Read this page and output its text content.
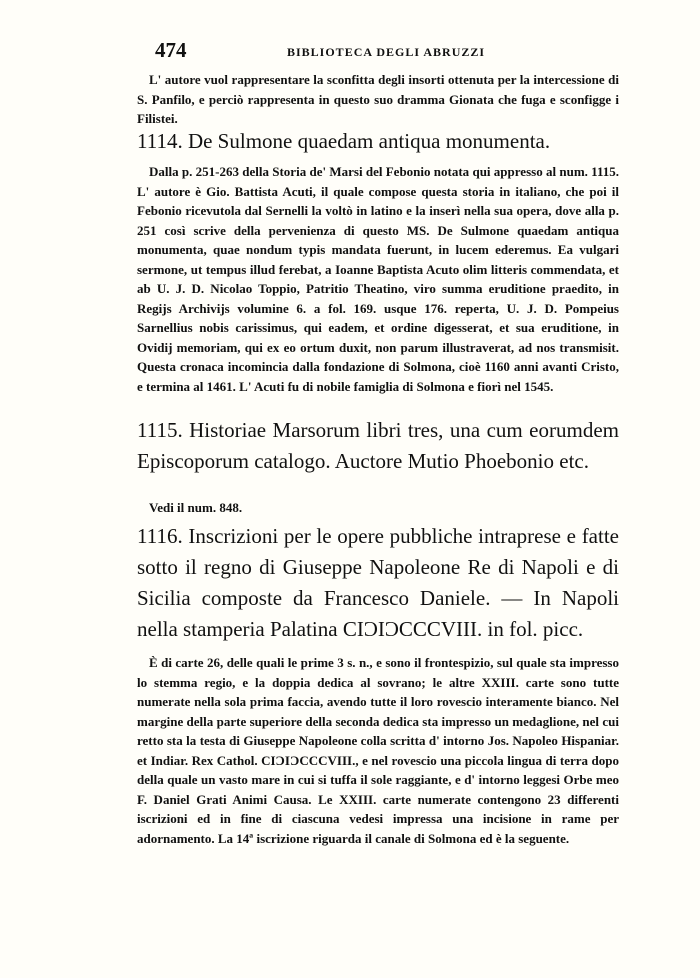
474	BIBLIOTECA DEGLI ABRUZZI

L' autore vuol rappresentare la sconfitta degli insorti ottenuta per la intercessione di S. Panfilo, e perciò rappresenta in questo suo dramma Gionata che fuga e sconfigge i Filistei.

1114. De Sulmone quaedam antiqua monumenta.

Dalla p. 251-263 della Storia de' Marsi del Febonio notata qui appresso al num. 1115. L' autore è Gio. Battista Acuti, il quale compose questa storia in italiano, che poi il Febonio ricevutola dal Sernelli la voltò in latino e la inserì nella sua opera, dove alla p. 251 così scrive della pervenienza di questo MS. De Sulmone quaedam antiqua monumenta, quae nondum typis mandata fuerunt, in lucem ederemus. Ea vulgari sermone, ut tempus illud ferebat, a Ioanne Baptista Acuto olim litteris commendata, et ab U. J. D. Nicolao Toppio, Patritio Theatino, viro summa eruditione praedito, in Regijs Archivijs volumine 6. a fol. 169. usque 176. reperta, U. J. D. Pompeius Sarnellius nobis carissimus, qui eadem, et ordine digesserat, et sua eruditione, in Ovidij memoriam, qui ex eo ortum duxit, non parum illustraverat, ad nos transmisit. Questa cronaca incomincia dalla fondazione di Solmona, cioè 1160 anni avanti Cristo, e termina al 1461. L' Acuti fu di nobile famiglia di Solmona e fiorì nel 1545.

1115. Historiae Marsorum libri tres, una cum eorumdem Episcoporum catalogo. Auctore Mutio Phoebonio etc.

Vedi il num. 848.

1116. Inscrizioni per le opere pubbliche intraprese e fatte sotto il regno di Giuseppe Napoleone Re di Napoli e di Sicilia composte da Francesco Daniele. — In Napoli nella stamperia Palatina CIϽIϽCCCVIII. in fol. picc.

È di carte 26, delle quali le prime 3 s. n., e sono il frontespizio, sul quale sta impresso lo stemma regio, e la doppia dedica al sovrano; le altre XXIII. carte sono tutte numerate nella sola prima faccia, avendo tutte il loro rovescio interamente bianco. Nel margine della parte superiore della seconda dedica sta impresso un medaglione, nel cui retto sta la testa di Giuseppe Napoleone colla scritta d' intorno Jos. Napoleo Hispaniar. et Indiar. Rex Cathol. CIϽIϽCCCVIII., e nel rovescio una piccola lingua di terra dopo della quale un vasto mare in cui si tuffa il sole raggiante, e d' intorno leggesi Orbe meo F. Daniel Grati Animi Causa. Le XXIII. carte numerate contengono 23 differenti iscrizioni ed in fine di ciascuna vedesi impressa una incisione in rame per adornamento. La 14ª iscrizione riguarda il canale di Solmona ed è la seguente.
